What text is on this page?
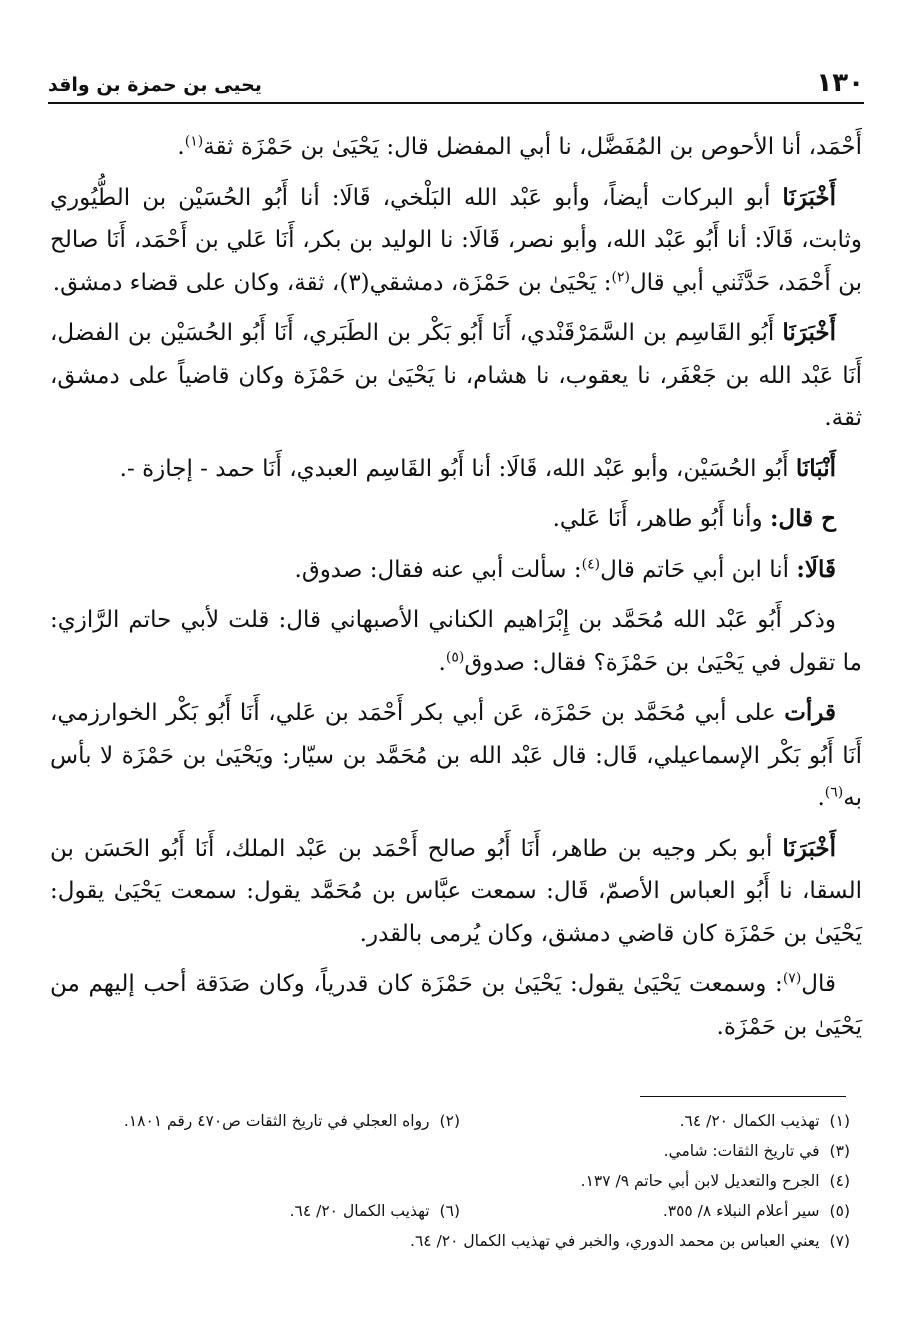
١٣٠
يحيى بن حمزة بن واقد

أَحْمَد، أنا الأحوص بن المُفَضَّل، نا أبي المفضل قال: يَحْيَىٰ بن حَمْزَة ثقة$^{(١)}$.

أَخْبَرَنَا أبو البركات أيضاً، وأبو عَبْد الله البَلْخي، قَالَا: أنا أَبُو الحُسَيْن بن الطُّيُوري وثابت، قَالَا: أنا أَبُو عَبْد الله، وأبو نصر، قَالَا: نا الوليد بن بكر، أَنَا عَلي بن أَحْمَد، أَنَا صالح بن أَحْمَد، حَدَّثَني أبي قال$^{(٢)}$: يَحْيَىٰ بن حَمْزَة، دمشقي(٣)، ثقة، وكان على قضاء دمشق.

أَخْبَرَنَا أَبُو القَاسِم بن السَّمَرْقَنْدي، أَنَا أَبُو بَكْر بن الطَبَري، أَنَا أَبُو الحُسَيْن بن الفضل، أَنَا عَبْد الله بن جَعْفَر، نا يعقوب، نا هشام، نا يَحْيَىٰ بن حَمْزَة وكان قاضياً على دمشق، ثقة.

أَنْبَانَا أَبُو الحُسَيْن، وأبو عَبْد الله، قَالَا: أنا أَبُو القَاسِم العبدي، أَنَا حمد - إجازة -.

ح قال: وأنا أَبُو طاهر، أَنَا عَلي.

قَالَا: أنا ابن أبي حَاتم قال$^{(٤)}$: سألت أبي عنه فقال: صدوق.

وذكر أَبُو عَبْد الله مُحَمَّد بن إِبْرَاهيم الكناني الأصبهاني قال: قلت لأبي حاتم الرَّازي: ما تقول في يَحْيَىٰ بن حَمْزَة؟ فقال: صدوق$^{(٥)}$.

قرأت على أبي مُحَمَّد بن حَمْزَة، عَن أبي بكر أَحْمَد بن عَلي، أَنَا أَبُو بَكْر الخوارزمي، أَنَا أَبُو بَكْر الإسماعيلي، قَال: قال عَبْد الله بن مُحَمَّد بن سيّار: ويَحْيَىٰ بن حَمْزَة لا بأس به$^{(٦)}$.

أَخْبَرَنَا أبو بكر وجيه بن طاهر، أَنَا أَبُو صالح أَحْمَد بن عَبْد الملك، أَنَا أَبُو الحَسَن بن السقا، نا أَبُو العباس الأصمّ، قَال: سمعت عبَّاس بن مُحَمَّد يقول: سمعت يَحْيَىٰ يقول: يَحْيَىٰ بن حَمْزَة كان قاضي دمشق، وكان يُرمى بالقدر.

قال$^{(٧)}$: وسمعت يَحْيَىٰ يقول: يَحْيَىٰ بن حَمْزَة كان قدرياً، وكان صَدَقة أحب إليهم من يَحْيَىٰ بن حَمْزَة.

(١)تهذيب الكمال ٢٠/ ٦٤.
(٢)رواه العجلي في تاريخ الثقات ص٤٧٠ رقم ١٨٠١.
(٣)في تاريخ الثقات: شامي.
(٤)الجرح والتعديل لابن أبي حاتم ٩/ ١٣٧.
(٥)سير أعلام النبلاء ٨/ ٣٥٥.
(٦)تهذيب الكمال ٢٠/ ٦٤.
(٧)يعني العباس بن محمد الدوري، والخبر في تهذيب الكمال ٢٠/ ٦٤.
